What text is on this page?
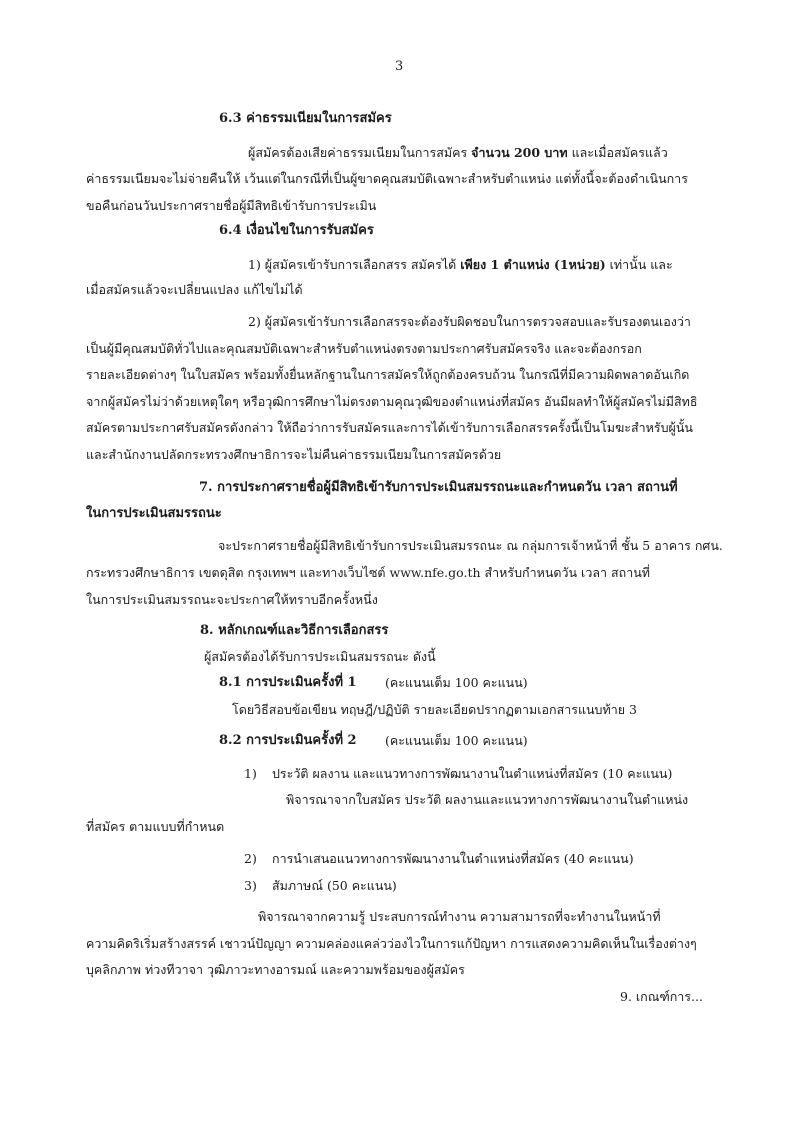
3
6.3 ค่าธรรมเนียมในการสมัคร
ผู้สมัครต้องเสียค่าธรรมเนียมในการสมัคร จำนวน 200 บาท และเมื่อสมัครแล้ว
ค่าธรรมเนียมจะไม่จ่ายคืนให้ เว้นแต่ในกรณีที่เป็นผู้ขาดคุณสมบัติเฉพาะสำหรับตำแหน่ง แต่ทั้งนี้จะต้องดำเนินการ
ขอคืนก่อนวันประกาศรายชื่อผู้มีสิทธิเข้ารับการประเมิน
6.4 เงื่อนไขในการรับสมัคร
1) ผู้สมัครเข้ารับการเลือกสรร สมัครได้ เพียง 1 ตำแหน่ง (1หน่วย) เท่านั้น และ
เมื่อสมัครแล้วจะเปลี่ยนแปลง แก้ไขไม่ได้
2) ผู้สมัครเข้ารับการเลือกสรรจะต้องรับผิดชอบในการตรวจสอบและรับรองตนเองว่า
เป็นผู้มีคุณสมบัติทั่วไปและคุณสมบัติเฉพาะสำหรับตำแหน่งตรงตามประกาศรับสมัครจริง และจะต้องกรอก
รายละเอียดต่างๆ ในใบสมัคร พร้อมทั้งยื่นหลักฐานในการสมัครให้ถูกต้องครบถ้วน ในกรณีที่มีความผิดพลาดอันเกิด
จากผู้สมัครไม่ว่าด้วยเหตุใดๆ หรือวุฒิการศึกษาไม่ตรงตามคุณวุฒิของตำแหน่งที่สมัคร อันมีผลทำให้ผู้สมัครไม่มีสิทธิ
สมัครตามประกาศรับสมัครดังกล่าว ให้ถือว่าการรับสมัครและการได้เข้ารับการเลือกสรรครั้งนี้เป็นโมฆะสำหรับผู้นั้น
และสำนักงานปลัดกระทรวงศึกษาธิการจะไม่คืนค่าธรรมเนียมในการสมัครด้วย
7. การประกาศรายชื่อผู้มีสิทธิเข้ารับการประเมินสมรรถนะและกำหนดวัน เวลา สถานที่
ในการประเมินสมรรถนะ
จะประกาศรายชื่อผู้มีสิทธิเข้ารับการประเมินสมรรถนะ ณ กลุ่มการเจ้าหน้าที่ ชั้น 5 อาคาร กศน.
กระทรวงศึกษาธิการ เขตดุสิต กรุงเทพฯ และทางเว็บไซต์ www.nfe.go.th สำหรับกำหนดวัน เวลา สถานที่
ในการประเมินสมรรถนะจะประกาศให้ทราบอีกครั้งหนึ่ง
8. หลักเกณฑ์และวิธีการเลือกสรร
ผู้สมัครต้องได้รับการประเมินสมรรถนะ ดังนี้
8.1 การประเมินครั้งที่ 1 (คะแนนเต็ม 100 คะแนน)
โดยวิธีสอบข้อเขียน ทฤษฎี/ปฏิบัติ รายละเอียดปรากฏตามเอกสารแนบท้าย 3
8.2 การประเมินครั้งที่ 2 (คะแนนเต็ม 100 คะแนน)
1) ประวัติ ผลงาน และแนวทางการพัฒนางานในตำแหน่งที่สมัคร (10 คะแนน)
พิจารณาจากใบสมัคร ประวัติ ผลงานและแนวทางการพัฒนางานในตำแหน่ง
ที่สมัคร ตามแบบที่กำหนด
2) การนำเสนอแนวทางการพัฒนางานในตำแหน่งที่สมัคร (40 คะแนน)
3) สัมภาษณ์ (50 คะแนน)
พิจารณาจากความรู้ ประสบการณ์ทำงาน ความสามารถที่จะทำงานในหน้าที่
ความคิดริเริ่มสร้างสรรค์ เชาวน์ปัญญา ความคล่องแคล่วว่องไวในการแก้ปัญหา การแสดงความคิดเห็นในเรื่องต่างๆ
บุคลิกภาพ ท่วงทีวาจา วุฒิภาวะทางอารมณ์ และความพร้อมของผู้สมัคร
9. เกณฑ์การ...
